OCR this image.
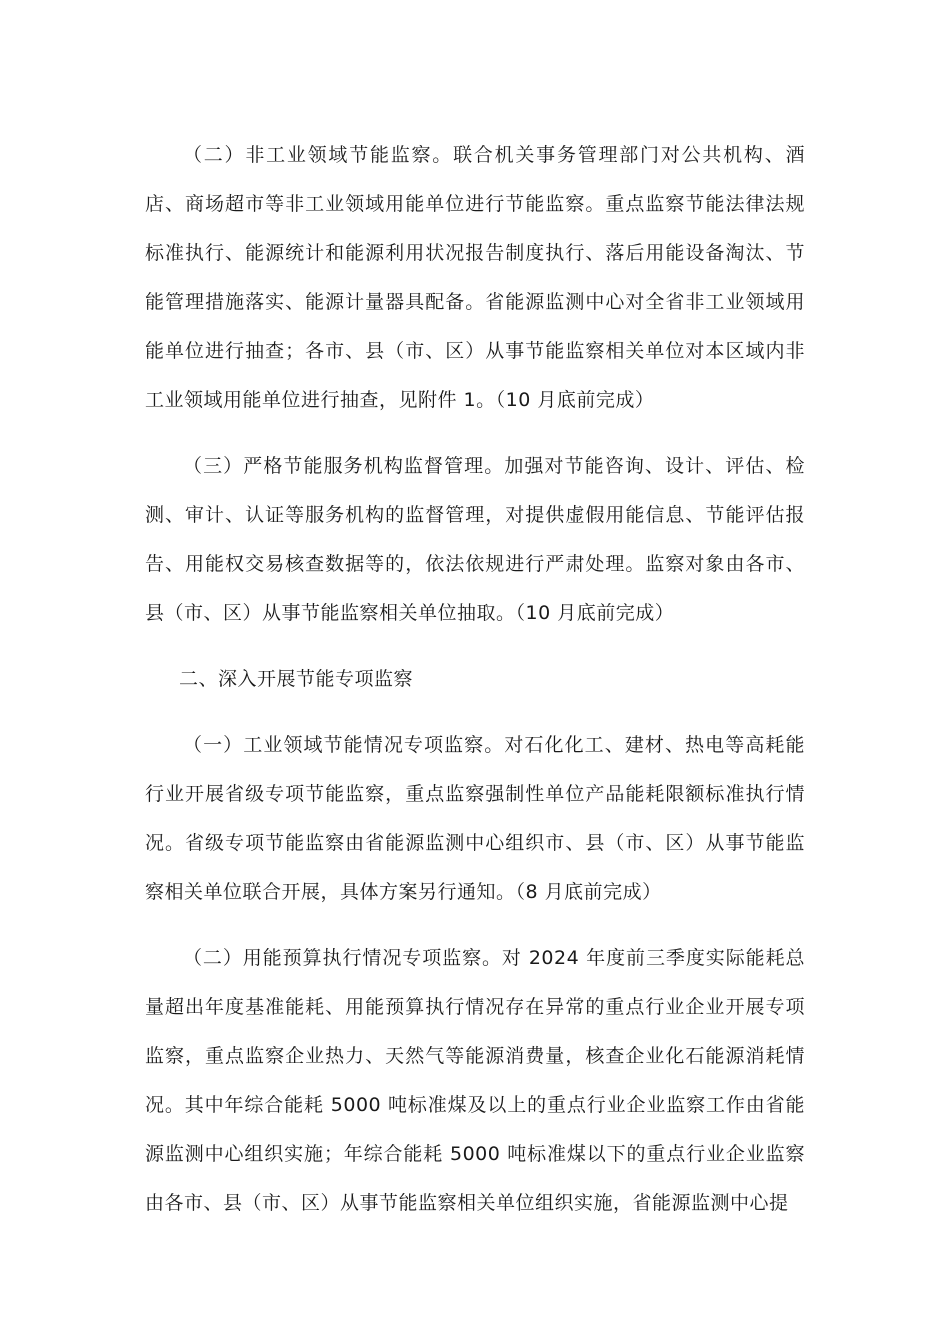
（二）非工业领域节能监察。联合机关事务管理部门对公共机构、酒店、商场超市等非工业领域用能单位进行节能监察。重点监察节能法律法规标准执行、能源统计和能源利用状况报告制度执行、落后用能设备淘汰、节能管理措施落实、能源计量器具配备。省能源监测中心对全省非工业领域用能单位进行抽查；各市、县（市、区）从事节能监察相关单位对本区域内非工业领域用能单位进行抽查，见附件 1。（10 月底前完成）

（三）严格节能服务机构监督管理。加强对节能咨询、设计、评估、检测、审计、认证等服务机构的监督管理，对提供虚假用能信息、节能评估报告、用能权交易核查数据等的，依法依规进行严肃处理。监察对象由各市、县（市、区）从事节能监察相关单位抽取。（10 月底前完成）

二、深入开展节能专项监察

（一）工业领域节能情况专项监察。对石化化工、建材、热电等高耗能行业开展省级专项节能监察，重点监察强制性单位产品能耗限额标准执行情况。省级专项节能监察由省能源监测中心组织市、县（市、区）从事节能监察相关单位联合开展，具体方案另行通知。（8 月底前完成）

（二）用能预算执行情况专项监察。对 2024 年度前三季度实际能耗总量超出年度基准能耗、用能预算执行情况存在异常的重点行业企业开展专项监察，重点监察企业热力、天然气等能源消费量，核查企业化石能源消耗情况。其中年综合能耗 5000 吨标准煤及以上的重点行业企业监察工作由省能源监测中心组织实施；年综合能耗 5000 吨标准煤以下的重点行业企业监察由各市、县（市、区）从事节能监察相关单位组织实施，省能源监测中心提
